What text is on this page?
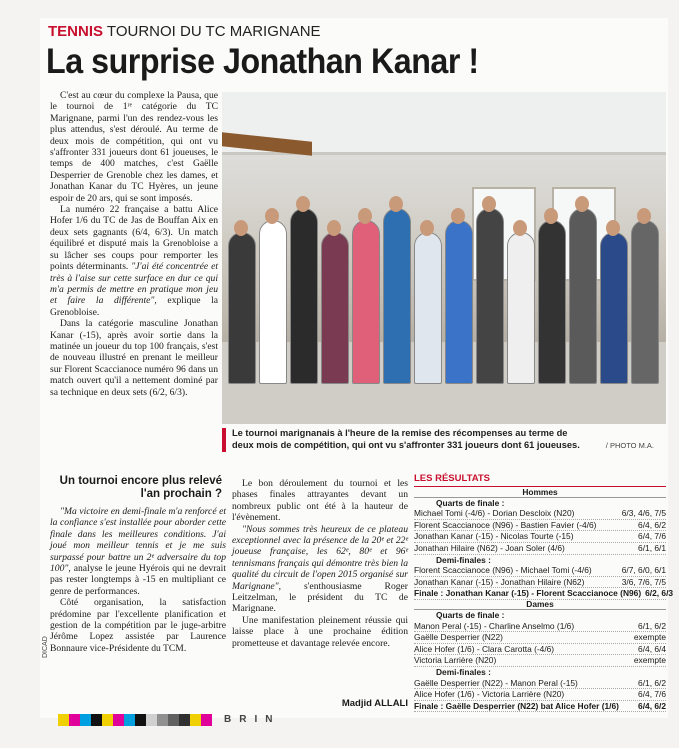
TENNIS TOURNOI DU TC MARIGNANE
La surprise Jonathan Kanar !

C'est au cœur du complexe la Pausa, que le tournoi de 1ʳᵉ catégorie du TC Marignane, parmi l'un des rendez-vous les plus attendus, s'est déroulé. Au terme de deux mois de compétition, qui ont vu s'affronter 331 joueurs dont 61 joueuses, le temps de 400 matches, c'est Gaëlle Desperrier de Grenoble chez les dames, et Jonathan Kanar du TC Hyères, un jeune espoir de 20 ars, qui se sont imposés.

La numéro 22 française a battu Alice Hofer 1/6 du TC de Jas de Bouffan Aix en deux sets gagnants (6/4, 6/3). Un match équilibré et disputé mais la Grenobloise a su lâcher ses coups pour remporter les points déterminants. "J'ai été concentrée et très à l'aise sur cette surface en dur ce qui m'a permis de mettre en pratique mon jeu et faire la différente", explique la Grenobloise.

Dans la catégorie masculine Jonathan Kanar (-15), après avoir sortie dans la matinée un joueur du top 100 français, s'est de nouveau illustré en prenant le meilleur sur Florent Scaccianoce numéro 96 dans un match ouvert qu'il a nettement dominé par sa technique en deux sets (6/2, 6/3).

Le tournoi marignanais à l'heure de la remise des récompenses au terme de deux mois de compétition, qui ont vu s'affronter 331 joueurs dont 61 joueuses.	/ PHOTO M.A.
Un tournoi encore plus relevé l'an prochain ?

"Ma victoire en demi-finale m'a renforcé et la confiance s'est installée pour aborder cette finale dans les meilleures conditions. J'ai joué mon meilleur tennis et je me suis surpassé pour battre un 2ᵉ adversaire du top 100", analyse le jeune Hyérois qui ne devrait pas rester longtemps à -15 en multipliant ce genre de performances.

Côté organisation, la satisfaction prédomine par l'excellente planification et gestion de la compétition par le juge-arbitre Jérôme Lopez assistée par Laurence Bonnaure vice-Présidente du TCM.

Le bon déroulement du tournoi et les phases finales attrayantes devant un nombreux public ont été à la hauteur de l'évènement.

"Nous sommes très heureux de ce plateau exceptionnel avec la présence de la 20ᵉ et 22ᵉ joueuse française, les 62ᵉ, 80ᵉ et 96ᵉ tennismans français qui démontre très bien la qualité du circuit de l'open 2015 organisé sur Marignane", s'enthousiasme Roger Leitzelman, le président du TC de Marignane.

Une manifestation pleinement réussie qui laisse place à une prochaine édition prometteuse et davantage relevée encore.

Madjid ALLALI
LES RÉSULTATS
Hommes
Quarts de finale :
Michael Tomi (-4/6) - Dorian Descloix (N20)	6/3, 4/6, 7/5
Florent Scaccianoce (N96) - Bastien Favier (-4/6)	6/4, 6/2
Jonathan Kanar (-15) - Nicolas Tourte (-15)	6/4, 7/6
Jonathan Hilaire (N62) - Joan Soler (4/6)	6/1, 6/1
Demi-finales :
Florent Scaccianoce (N96) - Michael Tomi (-4/6)	6/7, 6/0, 6/1
Jonathan Kanar (-15) - Jonathan Hilaire (N62)	3/6, 7/6, 7/5
Finale : Jonathan Kanar (-15) - Florent Scaccianoce (N96) 6/2, 6/3
Dames
Quarts de finale :
Manon Peral (-15) - Charline Anselmo (1/6)	6/1, 6/2
Gaëlle Desperrier (N22)	exempte
Alice Hofer (1/6) - Clara Carotta (-4/6)	6/4, 6/4
Victoria Larrière (N20)	exempte
Demi-finales :
Gaëlle Desperrier (N22) - Manon Peral (-15)	6/1, 6/2
Alice Hofer (1/6) - Victoria Larrière (N20)	6/4, 7/6
Finale : Gaëlle Desperrier (N22) bat Alice Hofer (1/6)	6/4, 6/2
B R I N
DICAD
